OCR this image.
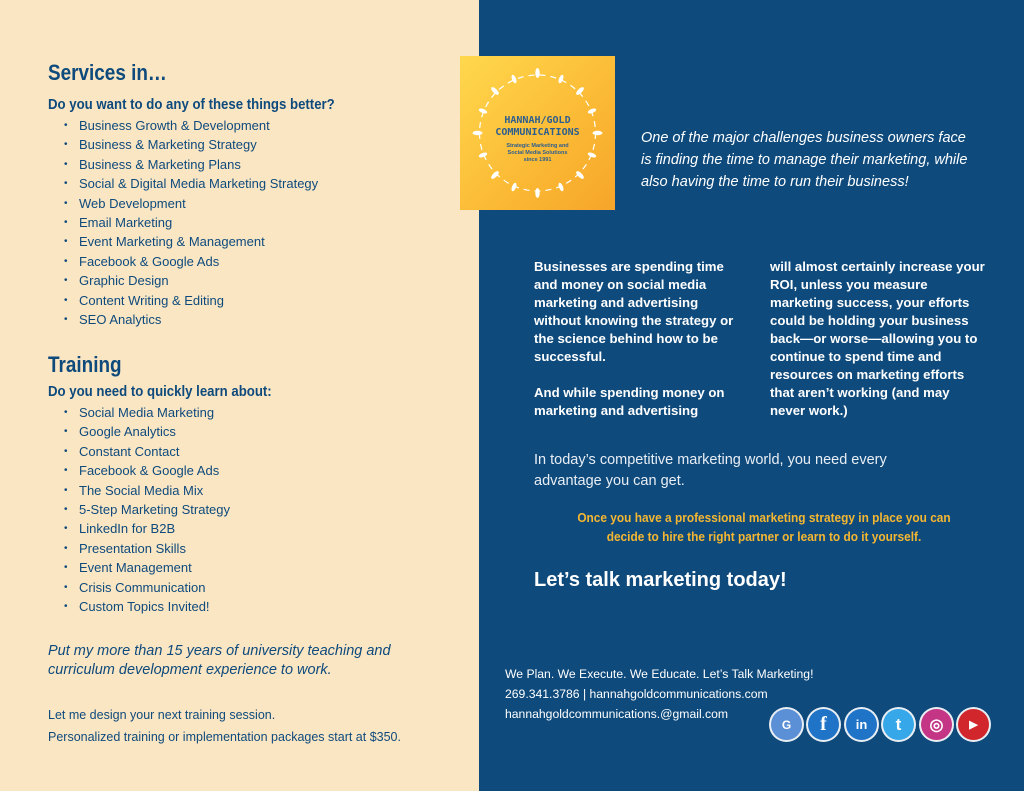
Services in…
Do you want to do any of these things better?
• Business Growth & Development
• Business & Marketing Strategy
• Business & Marketing Plans
• Social & Digital Media Marketing Strategy
• Web Development
• Email Marketing
• Event Marketing & Management
• Facebook & Google Ads
• Graphic Design
• Content Writing & Editing
• SEO Analytics
Training
Do you need to quickly learn about:
• Social Media Marketing
• Google Analytics
• Constant Contact
• Facebook & Google Ads
• The Social Media Mix
• 5-Step Marketing Strategy
• LinkedIn for B2B
• Presentation Skills
• Event Management
• Crisis Communication
• Custom Topics Invited!
Put my more than 15 years of university teaching and curriculum development experience to work.
Let me design your next training session.
Personalized training or implementation packages start at $350.
HANNAH/GOLD
COMMUNICATIONS
Strategic Marketing and
Social Media Solutions
since 1991
One of the major challenges business owners face is finding the time to manage their marketing, while also having the time to run their business!

Businesses are spending time and money on social media marketing and advertising without knowing the strategy or the science behind how to be successful.

And while spending money on marketing and advertising

will almost certainly increase your ROI, unless you measure marketing success, your efforts could be holding your business back—or worse—allowing you to continue to spend time and resources on marketing efforts that aren’t working (and may never work.)

In today’s competitive marketing world, you need every advantage you can get.
Once you have a professional marketing strategy in place you can decide to hire the right partner or learn to do it yourself.
Let’s talk marketing today!
We Plan. We Execute. We Educate. Let’s Talk Marketing!
269.341.3786 | hannahgoldcommunications.com
hannahgoldcommunications.@gmail.com
G	f	in	t	◎	▶
